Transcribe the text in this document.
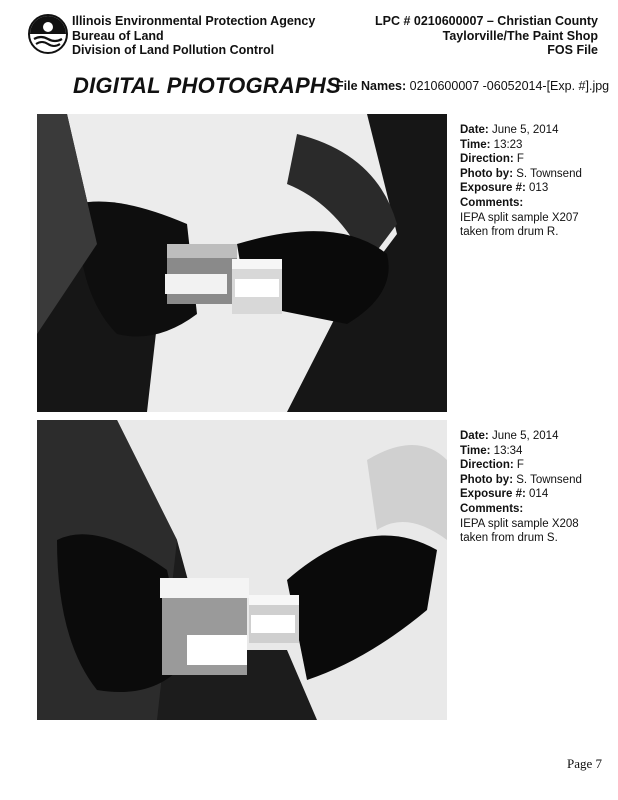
Illinois Environmental Protection Agency
Bureau of Land
Division of Land Pollution Control
LPC # 0210600007 – Christian County
Taylorville/The Paint Shop
FOS File
DIGITAL PHOTOGRAPHS
File Names: 0210600007 -06052014-[Exp. #].jpg
Date: June 5, 2014
Time: 13:23
Direction: F
Photo by: S. Townsend
Exposure #: 013
Comments:
IEPA split sample X207
taken from drum R.
Date: June 5, 2014
Time: 13:34
Direction: F
Photo by: S. Townsend
Exposure #: 014
Comments:
IEPA split sample X208
taken from drum S.
Page 7
